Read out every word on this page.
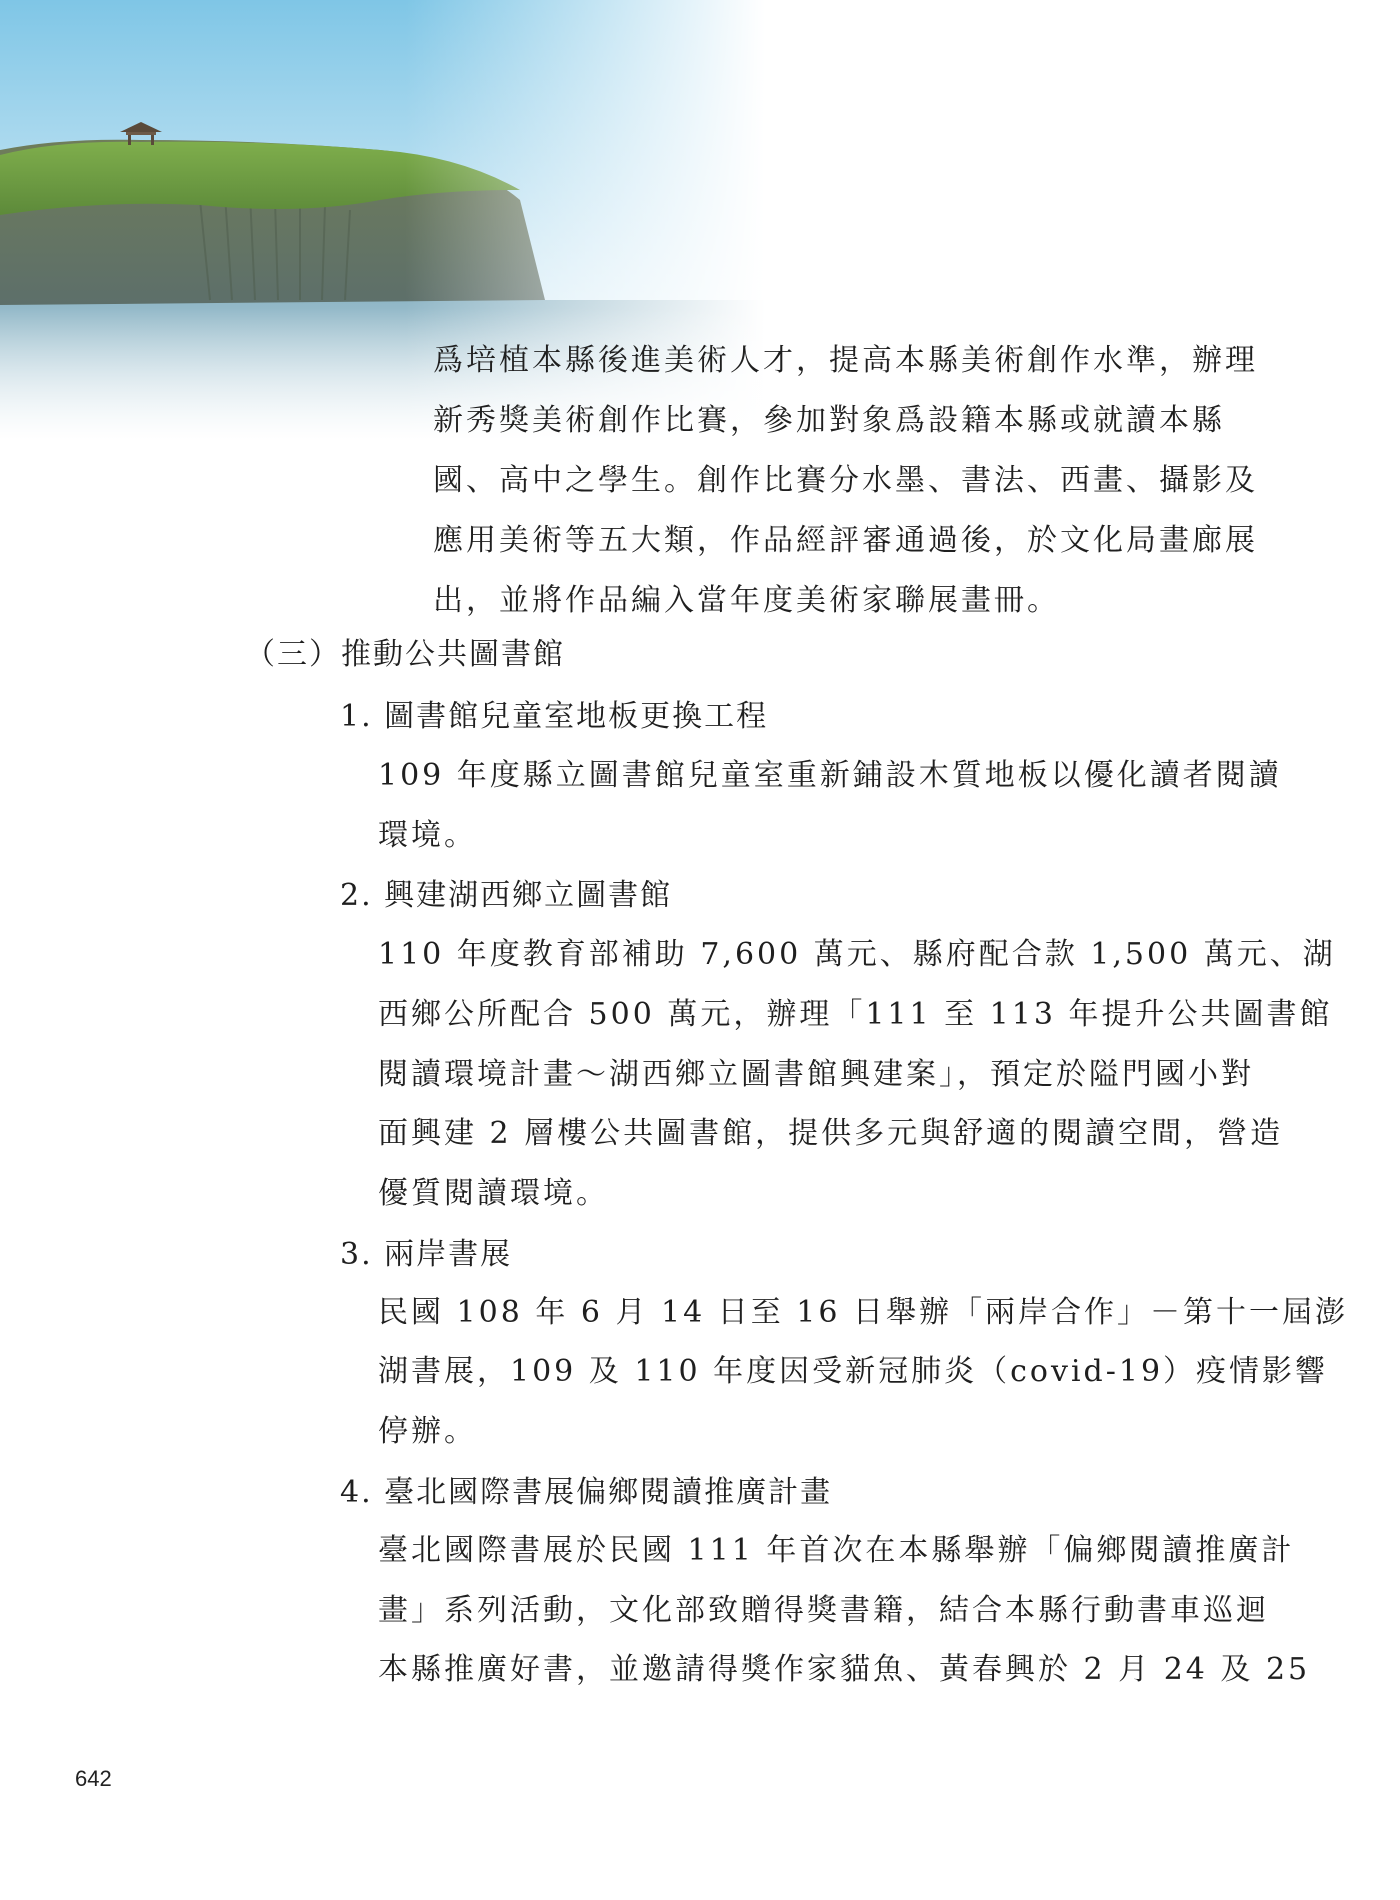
爲培植本縣後進美術人才，提高本縣美術創作水準，辦理
新秀獎美術創作比賽，參加對象爲設籍本縣或就讀本縣
國、高中之學生。創作比賽分水墨、書法、西畫、攝影及
應用美術等五大類，作品經評審通過後，於文化局畫廊展
出，並將作品編入當年度美術家聯展畫冊。
（三）推動公共圖書館
1. 圖書館兒童室地板更換工程
109 年度縣立圖書館兒童室重新鋪設木質地板以優化讀者閱讀
環境。
2. 興建湖西鄉立圖書館
110 年度教育部補助 7,600 萬元、縣府配合款 1,500 萬元、湖
西鄉公所配合 500 萬元，辦理「111 至 113 年提升公共圖書館
閱讀環境計畫～湖西鄉立圖書館興建案」，預定於隘門國小對
面興建 2 層樓公共圖書館，提供多元與舒適的閱讀空間，營造
優質閱讀環境。
3. 兩岸書展
民國 108 年 6 月 14 日至 16 日舉辦「兩岸合作」－第十一屆澎
湖書展，109 及 110 年度因受新冠肺炎（covid-19）疫情影響
停辦。
4. 臺北國際書展偏鄉閱讀推廣計畫
臺北國際書展於民國 111 年首次在本縣舉辦「偏鄉閱讀推廣計
畫」系列活動，文化部致贈得獎書籍，結合本縣行動書車巡迴
本縣推廣好書，並邀請得獎作家貓魚、黃春興於 2 月 24 及 25
642
